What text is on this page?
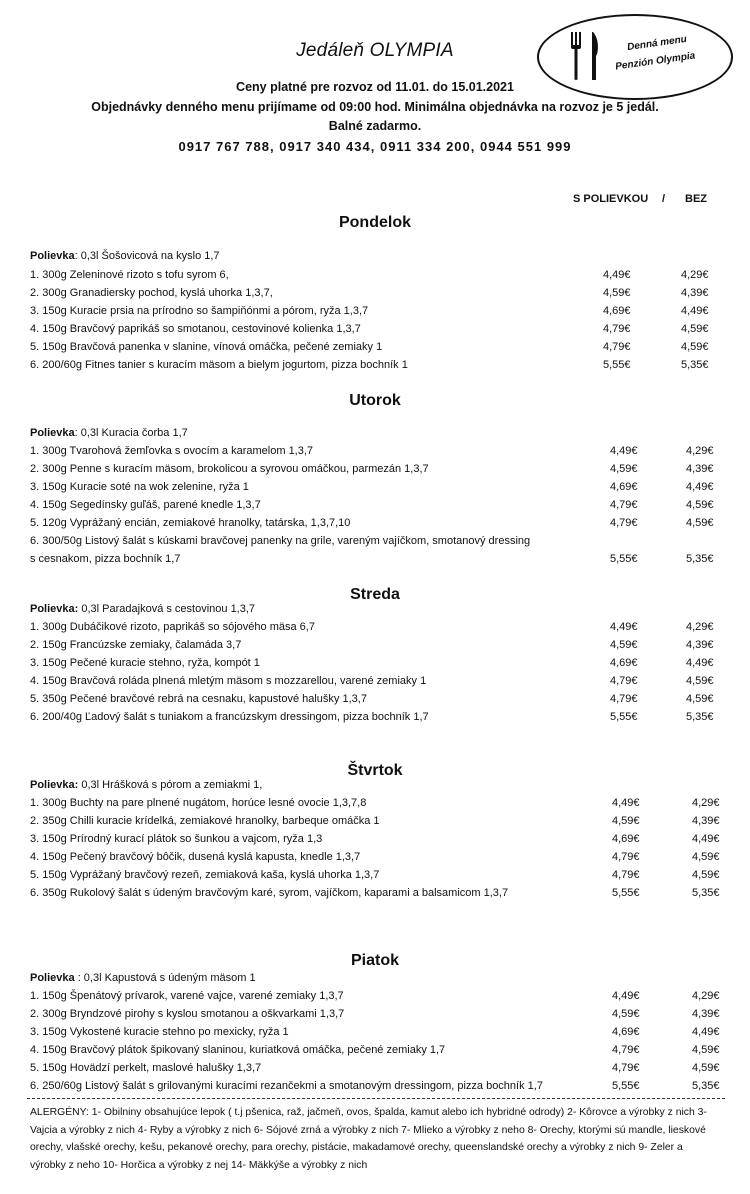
Denná menu
Penzión Olympia
Jedáleň OLYMPIA
Ceny platné pre rozvoz od 11.01. do 15.01.2021
Objednávky denného menu prijímame od 09:00 hod. Minimálna objednávka na rozvoz je 5 jedál.
Balné zadarmo.
0917 767 788, 0917 340 434, 0911 334 200, 0944 551 999
S POLIEVKOU / BEZ
Pondelok
Polievka: 0,3l Šošovicová na kyslo 1,7
1. 300g Zeleninové rizoto s tofu syrom 6,	4,49€	4,29€
2. 300g Granadiersky pochod, kyslá uhorka 1,3,7,	4,59€	4,39€
3. 150g Kuracie prsia na prírodno so šampiňónmi a pórom, ryža 1,3,7	4,69€	4,49€
4. 150g Bravčový paprikáš so smotanou, cestovinové kolienka 1,3,7	4,79€	4,59€
5. 150g Bravčová panenka v slanine, vínová omáčka, pečené zemiaky 1	4,79€	4,59€
6. 200/60g Fitnes tanier s kuracím mäsom a bielym jogurtom, pizza bochník 1	5,55€	5,35€
Utorok
Polievka: 0,3l Kuracia čorba 1,7
1. 300g Tvarohová žemľovka s ovocím a karamelom 1,3,7	4,49€	4,29€
2. 300g Penne s kuracím mäsom, brokolicou a syrovou omáčkou, parmezán 1,3,7	4,59€	4,39€
3. 150g Kuracie soté na wok zelenine, ryža 1	4,69€	4,49€
4. 150g Segedínsky guľáš, parené knedle 1,3,7	4,79€	4,59€
5. 120g Vyprážaný encián, zemiakové hranolky, tatárska, 1,3,7,10	4,79€	4,59€
6. 300/50g Listový šalát s kúskami bravčovej panenky na grile, vareným vajíčkom, smotanový dressing
s cesnakom, pizza bochník 1,7	5,55€	5,35€
Streda
Polievka: 0,3l Paradajková s cestovinou 1,3,7
1. 300g Dubáčikové rizoto, paprikáš so sójového mäsa 6,7	4,49€	4,29€
2. 150g Francúzske zemiaky, čalamáda 3,7	4,59€	4,39€
3. 150g Pečené kuracie stehno, ryža, kompót 1	4,69€	4,49€
4. 150g Bravčová roláda plnená mletým mäsom s mozzarellou, varené zemiaky 1	4,79€	4,59€
5. 350g Pečené bravčové rebrá na cesnaku, kapustové halušky 1,3,7	4,79€	4,59€
6. 200/40g Ľadový šalát s tuniakom a francúzskym dressingom, pizza bochník 1,7	5,55€	5,35€
Štvrtok
Polievka: 0,3l Hrášková s pórom a zemiakmi 1,
1. 300g Buchty na pare plnené nugátom, horúce lesné ovocie 1,3,7,8	4,49€	4,29€
2. 350g Chilli kuracie krídelká, zemiakové hranolky, barbeque omáčka 1	4,59€	4,39€
3. 150g Prírodný kurací plátok so šunkou a vajcom, ryža 1,3	4,69€	4,49€
4. 150g Pečený bravčový bôčik, dusená kyslá kapusta, knedle 1,3,7	4,79€	4,59€
5. 150g Vyprážaný bravčový rezeň, zemiaková kaša, kyslá uhorka 1,3,7	4,79€	4,59€
6. 350g Rukolový šalát s údeným bravčovým karé, syrom, vajíčkom, kaparami a balsamicom 1,3,7	5,55€	5,35€
Piatok
Polievka : 0,3l Kapustová s údeným mäsom 1
1. 150g Špenátový prívarok, varené vajce, varené zemiaky 1,3,7	4,49€	4,29€
2. 300g Bryndzové pirohy s kyslou smotanou a oškvarkami 1,3,7	4,59€	4,39€
3. 150g Vykostené kuracie stehno po mexicky, ryža 1	4,69€	4,49€
4. 150g Bravčový plátok špikovaný slaninou, kuriatková omáčka, pečené zemiaky 1,7	4,79€	4,59€
5. 150g Hovädzí perkelt, maslové halušky 1,3,7	4,79€	4,59€
6. 250/60g Listový šalát s grilovanými kuracími rezančekmi a smotanovým dressingom, pizza bochník 1,7	5,55€	5,35€
ALERGÉNY: 1- Obilniny obsahujúce lepok ( t.j pšenica, raž, jačmeň, ovos, špalda, kamut alebo ich hybridné odrody) 2- Kôrovce a výrobky z nich 3- Vajcia a výrobky z nich 4- Ryby a výrobky z nich 6- Sójové zrná a výrobky z nich 7- Mlieko a výrobky z neho 8- Orechy, ktorými sú mandle, lieskové orechy, vlašské orechy, kešu, pekanové orechy, para orechy, pistácie, makadamové orechy, queenslandské orechy a výrobky z nich 9- Zeler a výrobky z neho 10- Horčica a výrobky z nej 14- Mäkkýše a výrobky z nich
